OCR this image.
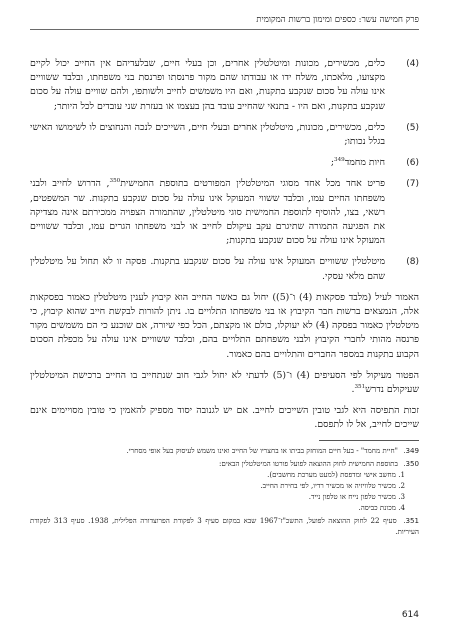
פרק חמישה עשר: כספים ומימון ברשות המקומית
(4)
כלים, מכשירים, מכונות ומיטלטלין אחרים, וכן בעלי חיים, שבלעדיהם אין החייב יכול לקיים מקצועו, מלאכתו, משלח ידו או עבודתו שהם מקור פרנסתו ופרנסת בני משפחתו, ובלבד ששוויים אינו עולה על סכום שנקבע בתקנות, ואם היו משמשים לחייב ולשותפו, ולהם שוויים עולה על סכום שנקבע בתקנות, ואם היו - בתנאי שהחייב עובד בהן בעצמו או בעזרת שני עובדים לכל היותר;
(5)
כלים, מכשירים, מכונות, מיטלטלין אחרים ובעלי חיים, השייכים לנכה והנחוצים לו לשימושו האישי בגלל נכותו;
(6)
חיות מחמד$^{349}$;
(7)
פריט אחד מכל אחד מסוגי המיטלטלין המפורטים בתוספת החמישית$^{350}$, הדרוש לחייב ולבני משפחתו החיים עמו, ובלבד ששווי המעוקל אינו עולה על סכום שנקבע בתקנות. שר המשפטים, רשאי, בצו, להוסיף לתוספת החמישית סוגי מיטלטלין, שהתמורה הצפויה ממכירתם אינה מצדיקה את הפגיעה התמורה שתיגרם עקב עיקולם לחייב או לבני משפחתו הגרים עמו, ובלבד ששוויים המעוקל אינו עולה על סכום שנקבע בתקנות;
(8)
מיטלטלין ששוויים המעוקל אינו עולה על סכום שנקבע בתקנות. פסקה זו לא תחול על מיטלטלין שהם מלאי עסקי.
האמור לעיל (מלבד פסקאות (4) ו־(5)) יחול גם כאשר החייב הוא קיבוץ לענין מיטלטלין כאמור בפסקאות אלה, הנמצאים ברשות חבר הקיבוץ או בני משפחתו התלויים בו. ניתן להורות לבקשת חייב שהוא קיבוץ, כי מיטלטלין כאמור בפסקה (4) לא יעוקלו, כולם או מקצתם, הכל כפי שיורה, אם שוכנע כי הם משמשים מקור פרנסה מהותי לחברי הקיבוץ ולבני משפחתם התלויים בהם, ובלבד ששוויים אינו עולה על מכפלת הסכום הקבוע בתקנות במספר החברים והתלויים בהם כאמור.
הפטור מעיקול לפי הסעיפים (4) ו־(5) לדעתי לא יחול לגבי חוב שנתחייב בו החייב ברכישת המיטלטלין שעיקולם נדרש$^{351}$.
זכות התפיסה היא לגבי טובין השייכים לחייב. אם יש לגנובה יסוד מספיק להאמין כי טובין מסויימים אינם שייכים לחייב, אל לו לתפסם.
349. "חיית מחמד" - בעל חיים המוחזק בביתו או בחצריו של החייב ואינו משמש לעיסוק בעל אופי מסחרי.
350. בתוספת החמישית לחוק ההוצאה לפועל פורטו המיטלטלין הבאים:
1. מחשב אישי ומדפסת (למעט מערכת מחשבים).
2. מכשיר טלוויזיה או מכשיר רדיו, לפי בחירת החייב.
3. מכשיר טלפון נייח או טלפון נייד.
4. מכונת כביסה.
351. סעיף 22 לחוק ההוצאה לפועל, התשכ"ז־1967 שבא במקום סעיף 3 לפקודת הפרוצדורה הפלילית, 1938. סעיף 313 לפקודת העיריות.
614
